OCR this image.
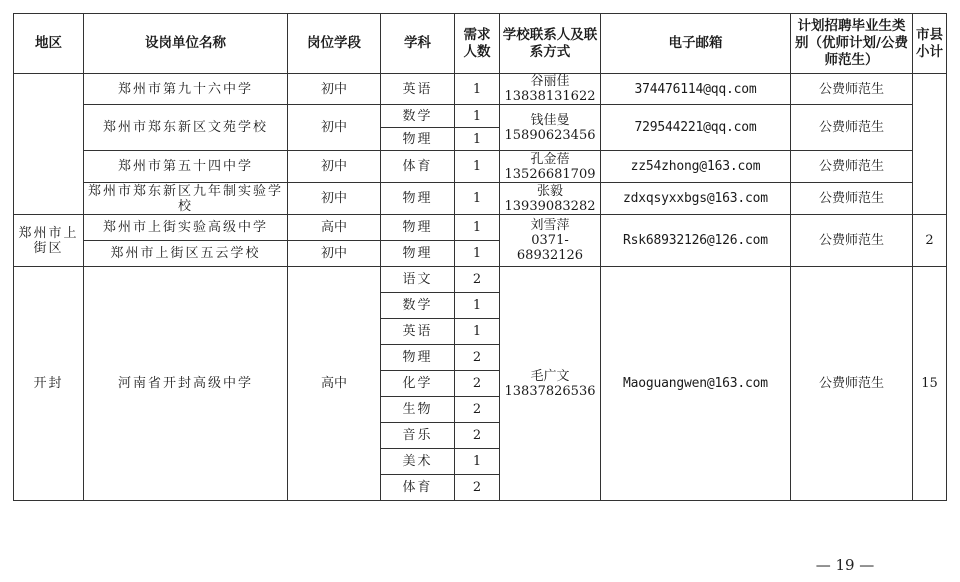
地区	设岗单位名称	岗位学段	学科	需求人数	学校联系人及联系方式	电子邮箱	计划招聘毕业生类别（优师计划/公费师范生）	市县小计
	郑州市第九十六中学	初中	英语	1	谷丽佳
13838131622	374476114@qq.com	公费师范生	
	郑州市郑东新区文苑学校	初中	数学	1	钱佳曼
15890623456	729544221@qq.com	公费师范生	
			物理	1				
	郑州市第五十四中学	初中	体育	1	孔金蓓
13526681709	zz54zhong@163.com	公费师范生	
	郑州市郑东新区九年制实验学校	初中	物理	1	张毅
13939083282	zdxqsyxxbgs@163.com	公费师范生	
郑州市上街区	郑州市上街实验高级中学	高中	物理	1	刘雪萍
0371-68932126	Rsk68932126@126.com	公费师范生	2
	郑州市上街区五云学校	初中	物理	1				
开封	河南省开封高级中学	高中	语文	2	毛广文
13837826536	Maoguangwen@163.com	公费师范生	15
			数学	1				
			英语	1				
			物理	2				
			化学	2				
			生物	2				
			音乐	2				
			美术	1				
			体育	2				
— 19 —
